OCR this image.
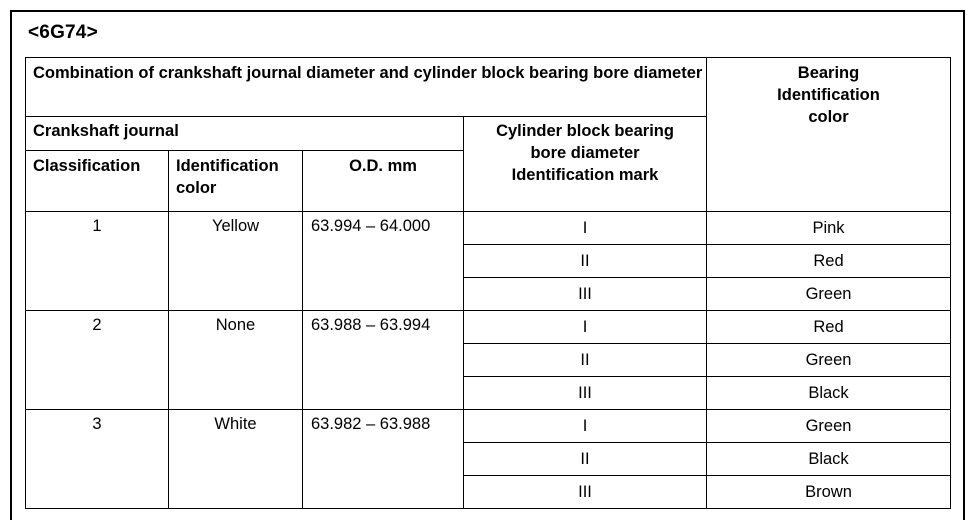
<6G74>
Combination of crankshaft journal diameter and cylinder block bearing bore diameter				Bearing Identification color
Crankshaft journal			Cylinder block bearing bore diameter Identification mark	
Classification	Identification color	O.D. mm		
1	Yellow	63.994 – 64.000	I	Pink
			II	Red
			III	Green
2	None	63.988 – 63.994	I	Red
			II	Green
			III	Black
3	White	63.982 – 63.988	I	Green
			II	Black
			III	Brown
